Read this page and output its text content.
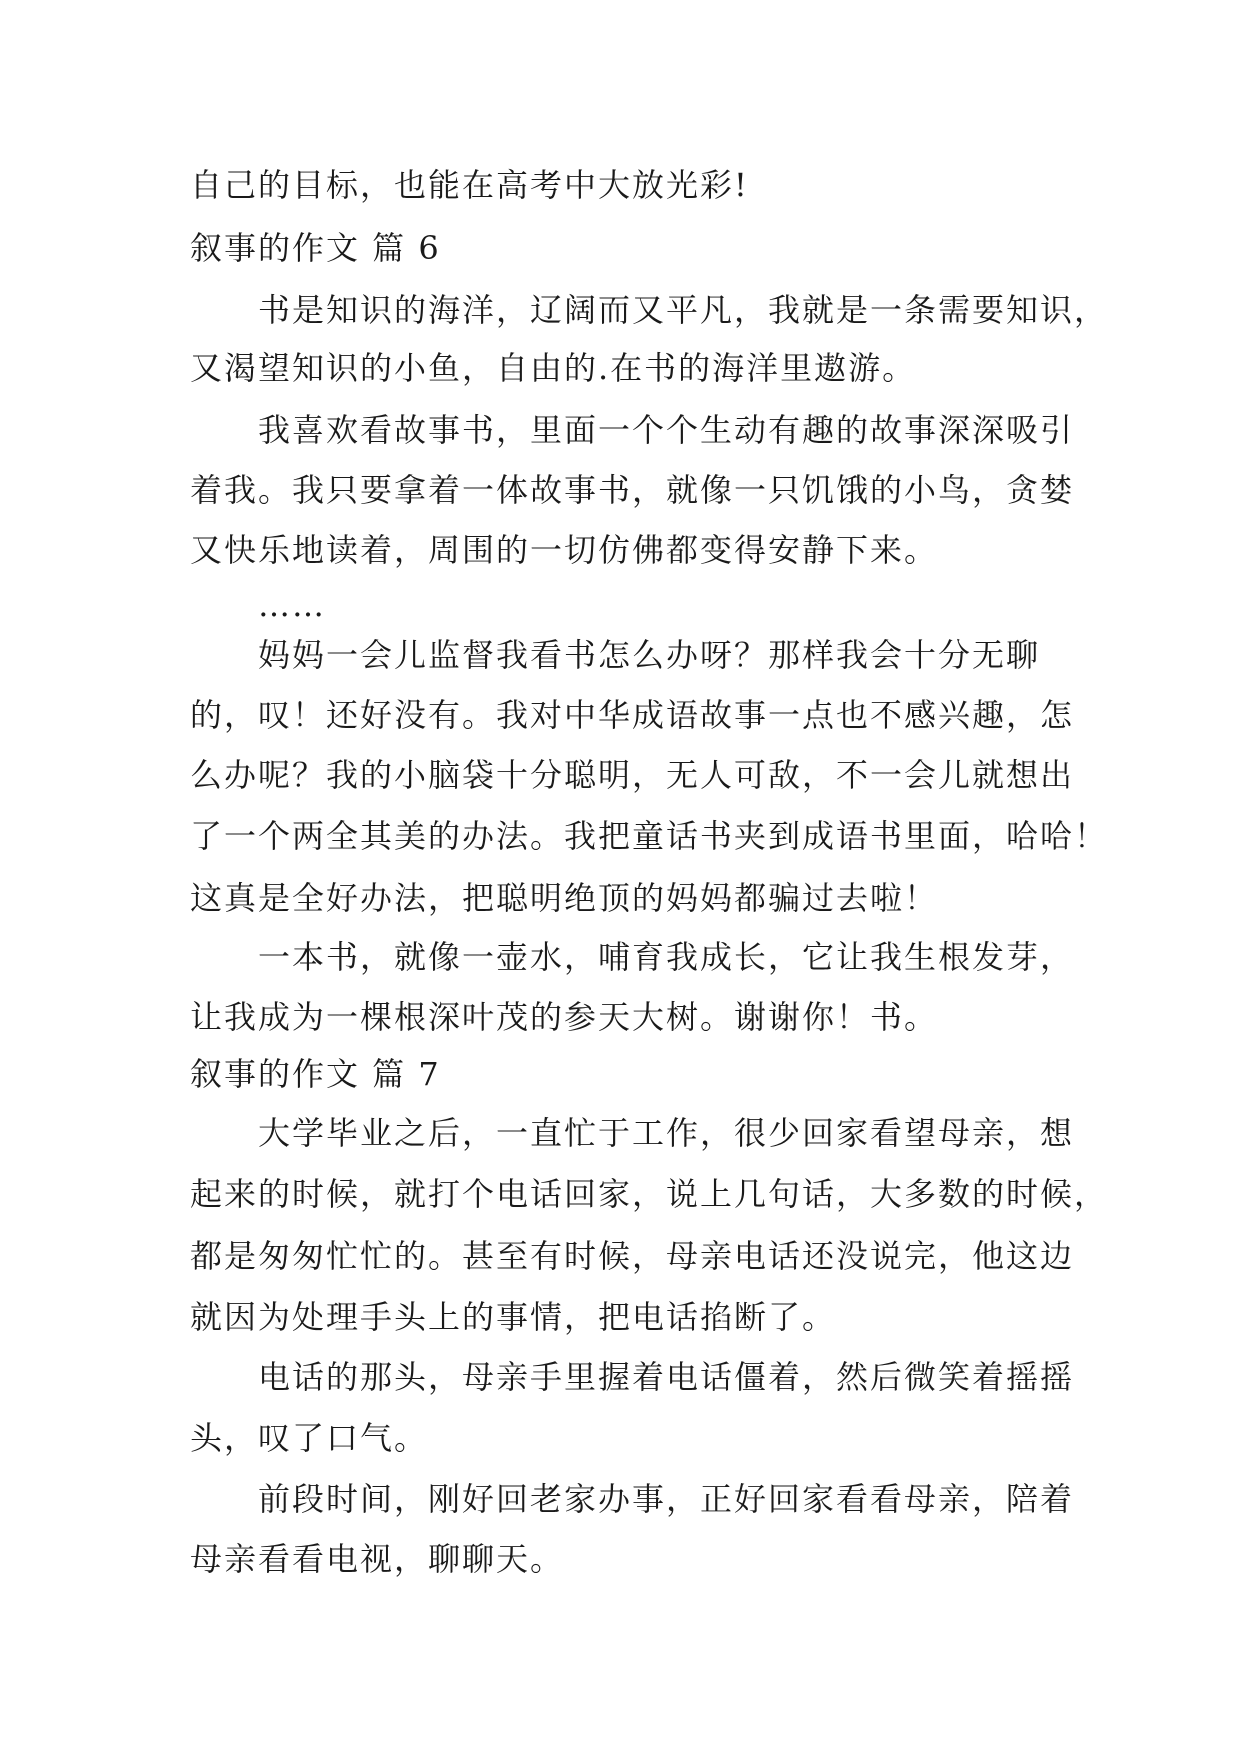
自己的目标，也能在高考中大放光彩!
叙事的作文 篇 6
书是知识的海洋，辽阔而又平凡，我就是一条需要知识，
又渴望知识的小鱼，自由的.在书的海洋里遨游。
我喜欢看故事书，里面一个个生动有趣的故事深深吸引
着我。我只要拿着一体故事书，就像一只饥饿的小鸟，贪婪
又快乐地读着，周围的一切仿佛都变得安静下来。
……
妈妈一会儿监督我看书怎么办呀？那样我会十分无聊
的，叹！还好没有。我对中华成语故事一点也不感兴趣，怎
么办呢？我的小脑袋十分聪明，无人可敌，不一会儿就想出
了一个两全其美的办法。我把童话书夹到成语书里面，哈哈！
这真是全好办法，把聪明绝顶的妈妈都骗过去啦！
一本书，就像一壶水，哺育我成长，它让我生根发芽，
让我成为一棵根深叶茂的参天大树。谢谢你！书。
叙事的作文 篇 7
大学毕业之后，一直忙于工作，很少回家看望母亲，想
起来的时候，就打个电话回家，说上几句话，大多数的时候，
都是匆匆忙忙的。甚至有时候，母亲电话还没说完，他这边
就因为处理手头上的事情，把电话掐断了。
电话的那头，母亲手里握着电话僵着，然后微笑着摇摇
头，叹了口气。
前段时间，刚好回老家办事，正好回家看看母亲，陪着
母亲看看电视，聊聊天。
